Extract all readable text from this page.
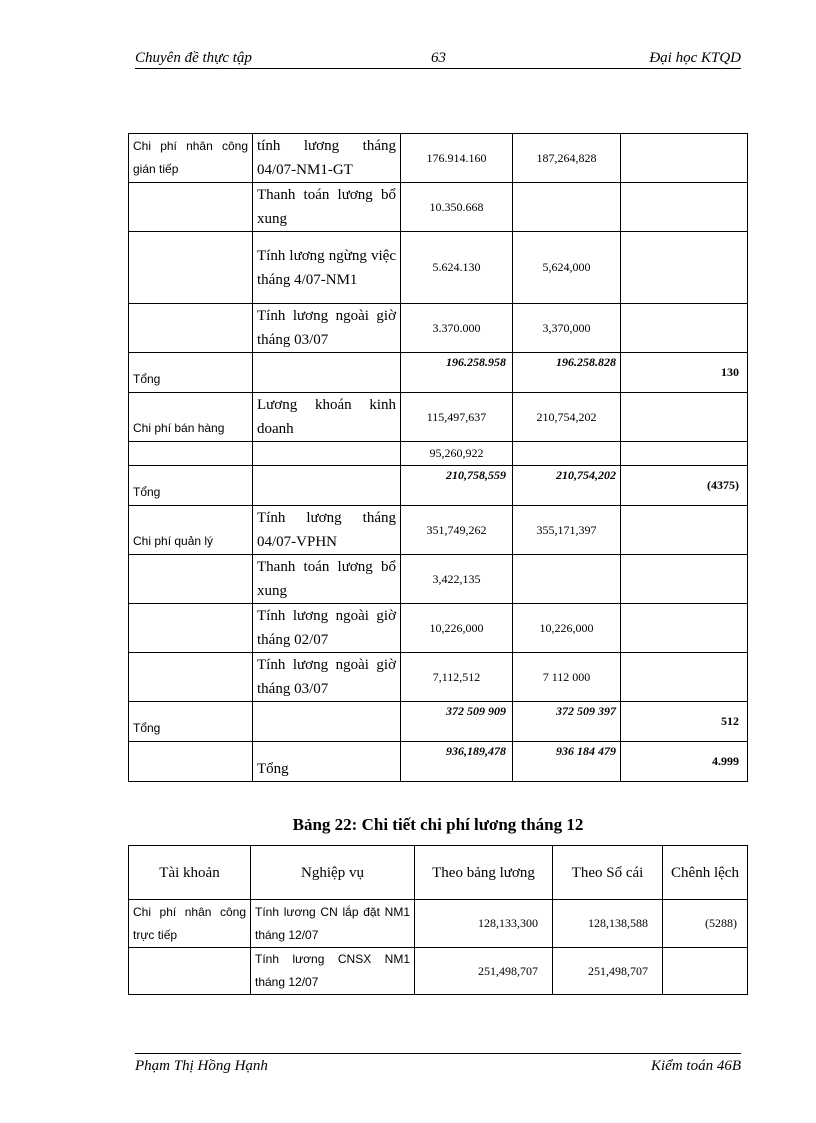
Chuyên đề thực tập	63	Đại học KTQD
Chi phí nhân công gián tiếp	tính lương tháng 04/07-NM1-GT	176.914.160	187,264,828	
	Thanh toán lương bổ xung	10.350.668		
	Tính lương ngừng việc tháng 4/07-NM1	5.624.130	5,624,000	
	Tính lương ngoài giờ tháng 03/07	3.370.000	3,370,000	
Tổng		196.258.958	196.258.828	130
Chi phí bán hàng	Lương khoán kinh doanh	115,497,637	210,754,202	
		95,260,922		
Tổng		210,758,559	210,754,202	(4375)
Chi phí quản lý	Tính lương tháng 04/07-VPHN	351,749,262	355,171,397	
	Thanh toán lương bổ xung	3,422,135		
	Tính lương ngoài giờ tháng 02/07	10,226,000	10,226,000	
	Tính lương ngoài giờ tháng 03/07	7,112,512	7 112 000	
Tổng		372 509 909	372 509 397	512
	Tổng	936,189,478	936 184 479	4.999
Bảng 22: Chi tiết chi phí lương tháng 12
Tài khoản	Nghiệp vụ	Theo bảng lương	Theo Sổ cái	Chênh lệch
Chi phí nhân công trực tiếp	Tính lương CN lắp đặt NM1 tháng 12/07	128,133,300	128,138,588	(5288)
	Tính lương CNSX NM1 tháng 12/07	251,498,707	251,498,707	
Phạm Thị Hồng Hạnh	Kiểm toán 46B
